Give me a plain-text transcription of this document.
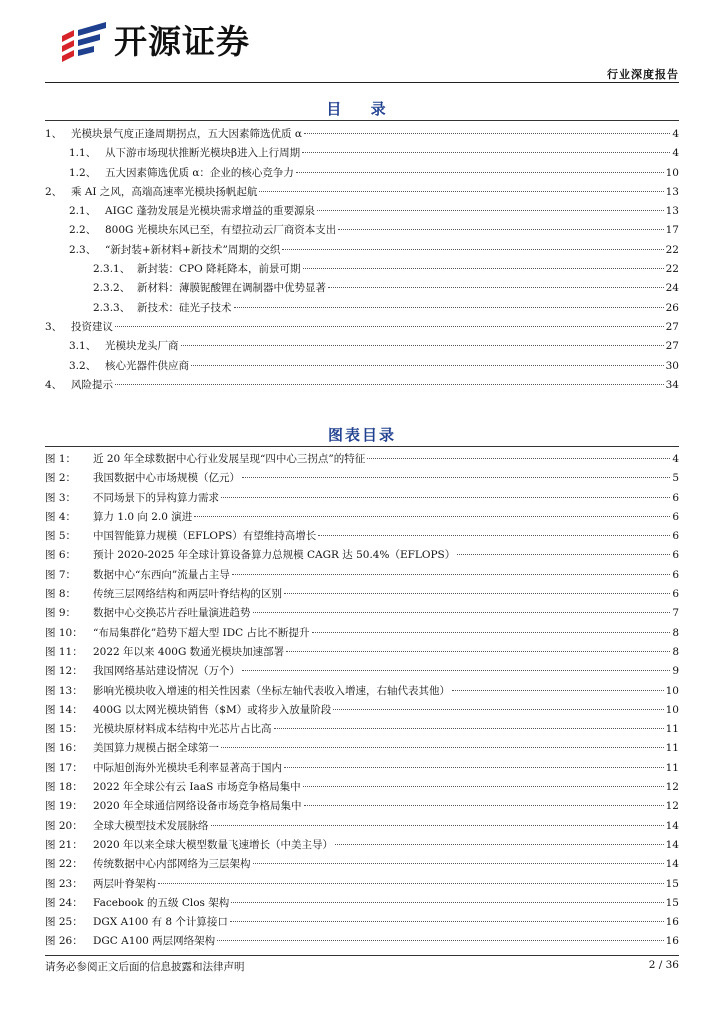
开源证券
行业深度报告
目 录
1、 光模块景气度正逢周期拐点，五大因素筛选优质 α	4
1.1、 从下游市场现状推断光模块β进入上行周期	4
1.2、 五大因素筛选优质 α：企业的核心竞争力	10
2、 乘 AI 之风，高端高速率光模块扬帆起航	13
2.1、 AIGC 蓬勃发展是光模块需求增益的重要源泉	13
2.2、 800G 光模块东风已至，有望拉动云厂商资本支出	17
2.3、 “新封装+新材料+新技术”周期的交织	22
2.3.1、 新封装：CPO 降耗降本，前景可期	22
2.3.2、 新材料：薄膜铌酸锂在调制器中优势显著	24
2.3.3、 新技术：硅光子技术	26
3、 投资建议	27
3.1、 光模块龙头厂商	27
3.2、 核心光器件供应商	30
4、 风险提示	34
图表目录
图 1：	近 20 年全球数据中心行业发展呈现“四中心三拐点”的特征	4
图 2：	我国数据中心市场规模（亿元）	5
图 3：	不同场景下的异构算力需求	6
图 4：	算力 1.0 向 2.0 演进	6
图 5：	中国智能算力规模（EFLOPS）有望维持高增长	6
图 6：	预计 2020-2025 年全球计算设备算力总规模 CAGR 达 50.4%（EFLOPS）	6
图 7：	数据中心“东西向”流量占主导	6
图 8：	传统三层网络结构和两层叶脊结构的区别	6
图 9：	数据中心交换芯片吞吐量演进趋势	7
图 10： “布局集群化”趋势下超大型 IDC 占比不断提升	8
图 11： 2022 年以来 400G 数通光模块加速部署	8
图 12： 我国网络基站建设情况（万个）	9
图 13： 影响光模块收入增速的相关性因素（坐标左轴代表收入增速，右轴代表其他）	10
图 14： 400G 以太网光模块销售（$M）或将步入放量阶段	10
图 15： 光模块原材料成本结构中光芯片占比高	11
图 16： 美国算力规模占据全球第一	11
图 17： 中际旭创海外光模块毛利率显著高于国内	11
图 18： 2022 年全球公有云 IaaS 市场竞争格局集中	12
图 19： 2020 年全球通信网络设备市场竞争格局集中	12
图 20： 全球大模型技术发展脉络	14
图 21： 2020 年以来全球大模型数量飞速增长（中美主导）	14
图 22： 传统数据中心内部网络为三层架构	14
图 23： 两层叶脊架构	15
图 24： Facebook 的五级 Clos 架构	15
图 25： DGX A100 有 8 个计算接口	16
图 26： DGC A100 两层网络架构	16
请务必参阅正文后面的信息披露和法律声明	2 / 36
